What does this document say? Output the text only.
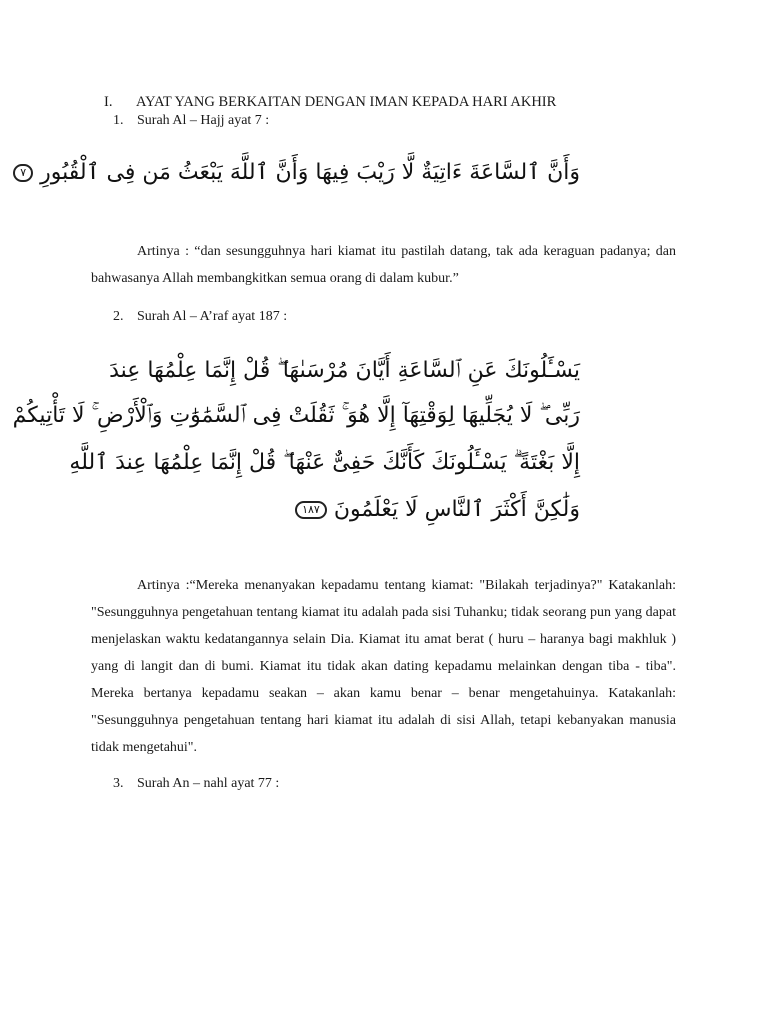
I. AYAT YANG BERKAITAN DENGAN IMAN KEPADA HARI AKHIR
1. Surah Al – Hajj ayat 7 :
وَأَنَّ ٱلسَّاعَةَ ءَاتِيَةٌ لَّا رَيْبَ فِيهَا وَأَنَّ ٱللَّهَ يَبْعَثُ مَن فِى ٱلْقُبُورِ ٧

Artinya : “dan sesungguhnya hari kiamat itu pastilah datang, tak ada keraguan padanya; dan bahwasanya Allah membangkitkan semua orang di dalam kubur.”

2. Surah Al – A’raf ayat 187 :
يَسْـَٔلُونَكَ عَنِ ٱلسَّاعَةِ أَيَّانَ مُرْسَىٰهَا ۖ قُلْ إِنَّمَا عِلْمُهَا عِندَ
رَبِّى ۖ لَا يُجَلِّيهَا لِوَقْتِهَآ إِلَّا هُوَ ۚ ثَقُلَتْ فِى ٱلسَّمَٰوَٰتِ وَٱلْأَرْضِ ۚ لَا تَأْتِيكُمْ
إِلَّا بَغْتَةً ۗ يَسْـَٔلُونَكَ كَأَنَّكَ حَفِىٌّ عَنْهَا ۖ قُلْ إِنَّمَا عِلْمُهَا عِندَ ٱللَّهِ
وَلَٰكِنَّ أَكْثَرَ ٱلنَّاسِ لَا يَعْلَمُونَ ١٨٧

Artinya :“Mereka menanyakan kepadamu tentang kiamat: "Bilakah terjadinya?" Katakanlah: "Sesungguhnya pengetahuan tentang kiamat itu adalah pada sisi Tuhanku; tidak seorang pun yang dapat menjelaskan waktu kedatangannya selain Dia. Kiamat itu amat berat ( huru – haranya bagi makhluk ) yang di langit dan di bumi. Kiamat itu tidak akan dating kepadamu melainkan dengan tiba - tiba". Mereka bertanya kepadamu seakan – akan kamu benar – benar mengetahuinya. Katakanlah: "Sesungguhnya pengetahuan tentang hari kiamat itu adalah di sisi Allah, tetapi kebanyakan manusia tidak mengetahui".

3. Surah An – nahl ayat 77 :
